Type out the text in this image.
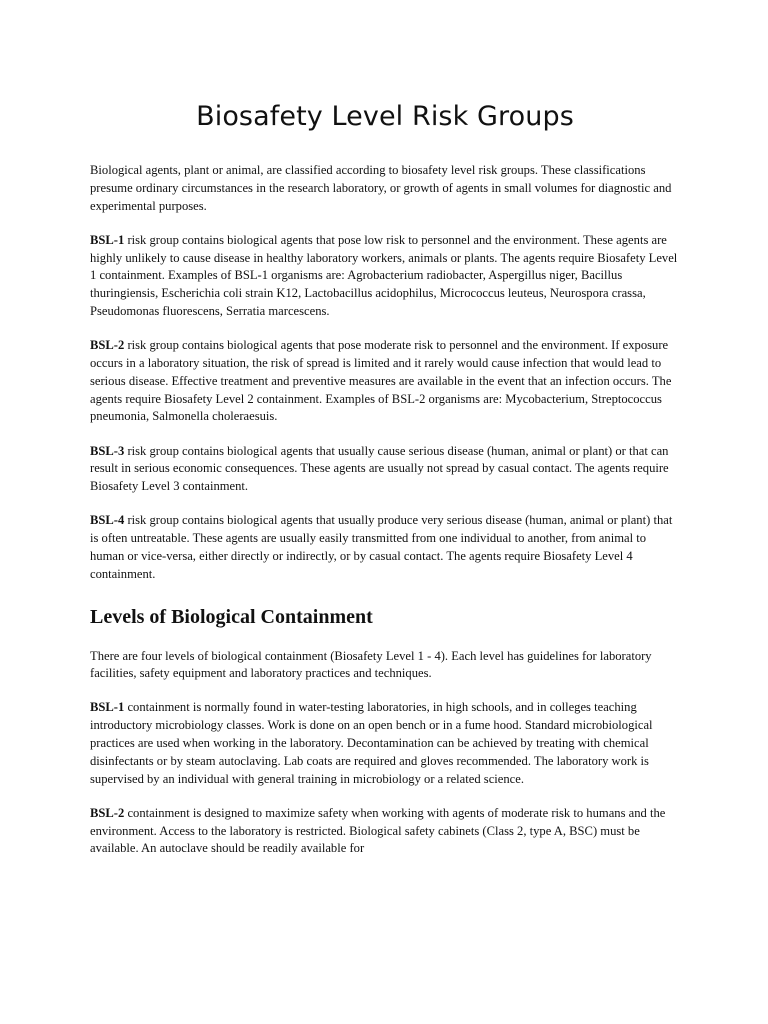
Biosafety Level Risk Groups

Biological agents, plant or animal, are classified according to biosafety level risk groups. These classifications presume ordinary circumstances in the research laboratory, or growth of agents in small volumes for diagnostic and experimental purposes.

BSL-1 risk group contains biological agents that pose low risk to personnel and the environment. These agents are highly unlikely to cause disease in healthy laboratory workers, animals or plants. The agents require Biosafety Level 1 containment. Examples of BSL-1 organisms are: Agrobacterium radiobacter, Aspergillus niger, Bacillus thuringiensis, Escherichia coli strain K12, Lactobacillus acidophilus, Micrococcus leuteus, Neurospora crassa, Pseudomonas fluorescens, Serratia marcescens.

BSL-2 risk group contains biological agents that pose moderate risk to personnel and the environment. If exposure occurs in a laboratory situation, the risk of spread is limited and it rarely would cause infection that would lead to serious disease. Effective treatment and preventive measures are available in the event that an infection occurs. The agents require Biosafety Level 2 containment. Examples of BSL-2 organisms are: Mycobacterium, Streptococcus pneumonia, Salmonella choleraesuis.

BSL-3 risk group contains biological agents that usually cause serious disease (human, animal or plant) or that can result in serious economic consequences. These agents are usually not spread by casual contact. The agents require Biosafety Level 3 containment.

BSL-4 risk group contains biological agents that usually produce very serious disease (human, animal or plant) that is often untreatable. These agents are usually easily transmitted from one individual to another, from animal to human or vice-versa, either directly or indirectly, or by casual contact. The agents require Biosafety Level 4 containment.

Levels of Biological Containment

There are four levels of biological containment (Biosafety Level 1 - 4). Each level has guidelines for laboratory facilities, safety equipment and laboratory practices and techniques.

BSL-1 containment is normally found in water-testing laboratories, in high schools, and in colleges teaching introductory microbiology classes. Work is done on an open bench or in a fume hood. Standard microbiological practices are used when working in the laboratory. Decontamination can be achieved by treating with chemical disinfectants or by steam autoclaving. Lab coats are required and gloves recommended. The laboratory work is supervised by an individual with general training in microbiology or a related science.

BSL-2 containment is designed to maximize safety when working with agents of moderate risk to humans and the environment. Access to the laboratory is restricted. Biological safety cabinets (Class 2, type A, BSC) must be available. An autoclave should be readily available for
